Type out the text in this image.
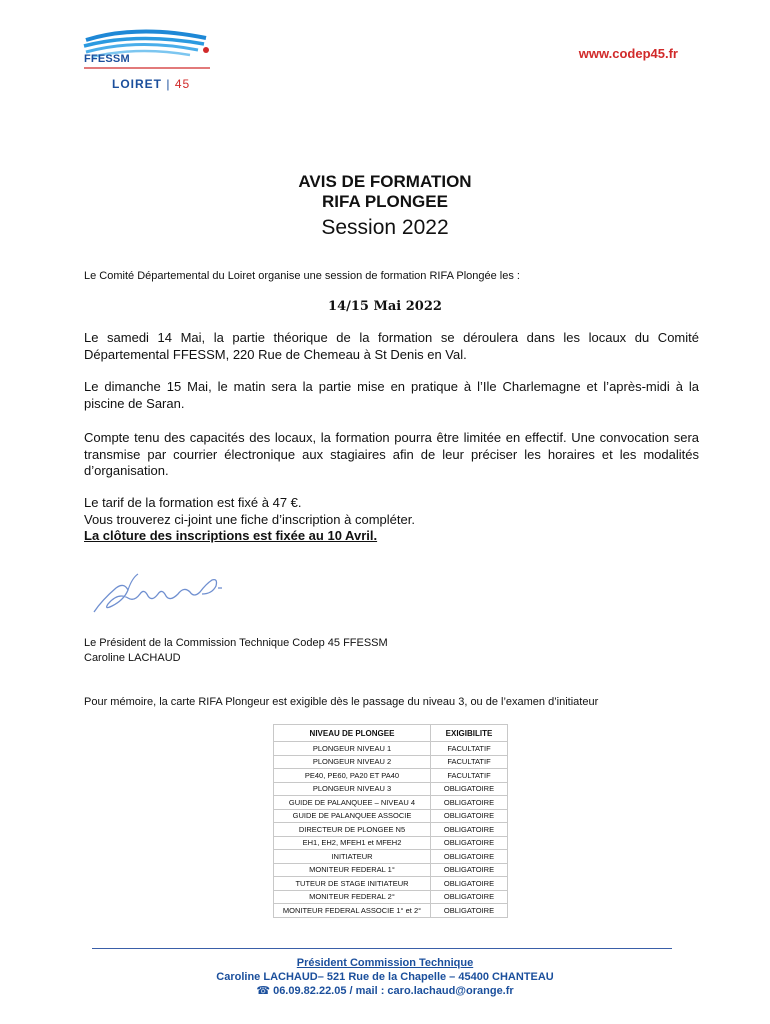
FFESSM
LOIRET | 45
www.codep45.fr
AVIS DE FORMATION
RIFA PLONGEE
Session 2022
Le Comité Départemental du Loiret organise une session de formation RIFA Plongée les :
14/15 Mai 2022
Le samedi 14 Mai, la partie théorique de la formation se déroulera dans les locaux du Comité Départemental FFESSM, 220 Rue de Chemeau à St Denis en Val.
Le dimanche 15 Mai, le matin sera la partie mise en pratique à l’Ile Charlemagne et l’après-midi à la piscine de Saran.
Compte tenu des capacités des locaux, la formation pourra être limitée en effectif. Une convocation sera transmise par courrier électronique aux stagiaires afin de leur préciser les horaires et les modalités d’organisation.
Le tarif de la formation est fixé à 47 €.
Vous trouverez ci-joint une fiche d’inscription à compléter.
La clôture des inscriptions est fixée au 10 Avril.
Le Président de la Commission Technique Codep 45 FFESSM
Caroline LACHAUD
Pour mémoire, la carte RIFA Plongeur est exigible dès le passage du niveau 3, ou de l’examen d’initiateur
NIVEAU DE PLONGEE	EXIGIBILITE
PLONGEUR NIVEAU 1	FACULTATIF
PLONGEUR NIVEAU 2	FACULTATIF
PE40, PE60, PA20 ET PA40	FACULTATIF
PLONGEUR NIVEAU 3	OBLIGATOIRE
GUIDE DE PALANQUEE – NIVEAU 4	OBLIGATOIRE
GUIDE DE PALANQUEE ASSOCIE	OBLIGATOIRE
DIRECTEUR DE PLONGEE N5	OBLIGATOIRE
EH1, EH2, MFEH1 et MFEH2	OBLIGATOIRE
INITIATEUR	OBLIGATOIRE
MONITEUR FEDERAL 1°	OBLIGATOIRE
TUTEUR DE STAGE INITIATEUR	OBLIGATOIRE
MONITEUR FEDERAL 2°	OBLIGATOIRE
MONITEUR FEDERAL ASSOCIE 1° et 2°	OBLIGATOIRE
Président Commission Technique
Caroline LACHAUD– 521 Rue de la Chapelle – 45400 CHANTEAU
☎ 06.09.82.22.05 / mail : caro.lachaud@orange.fr
